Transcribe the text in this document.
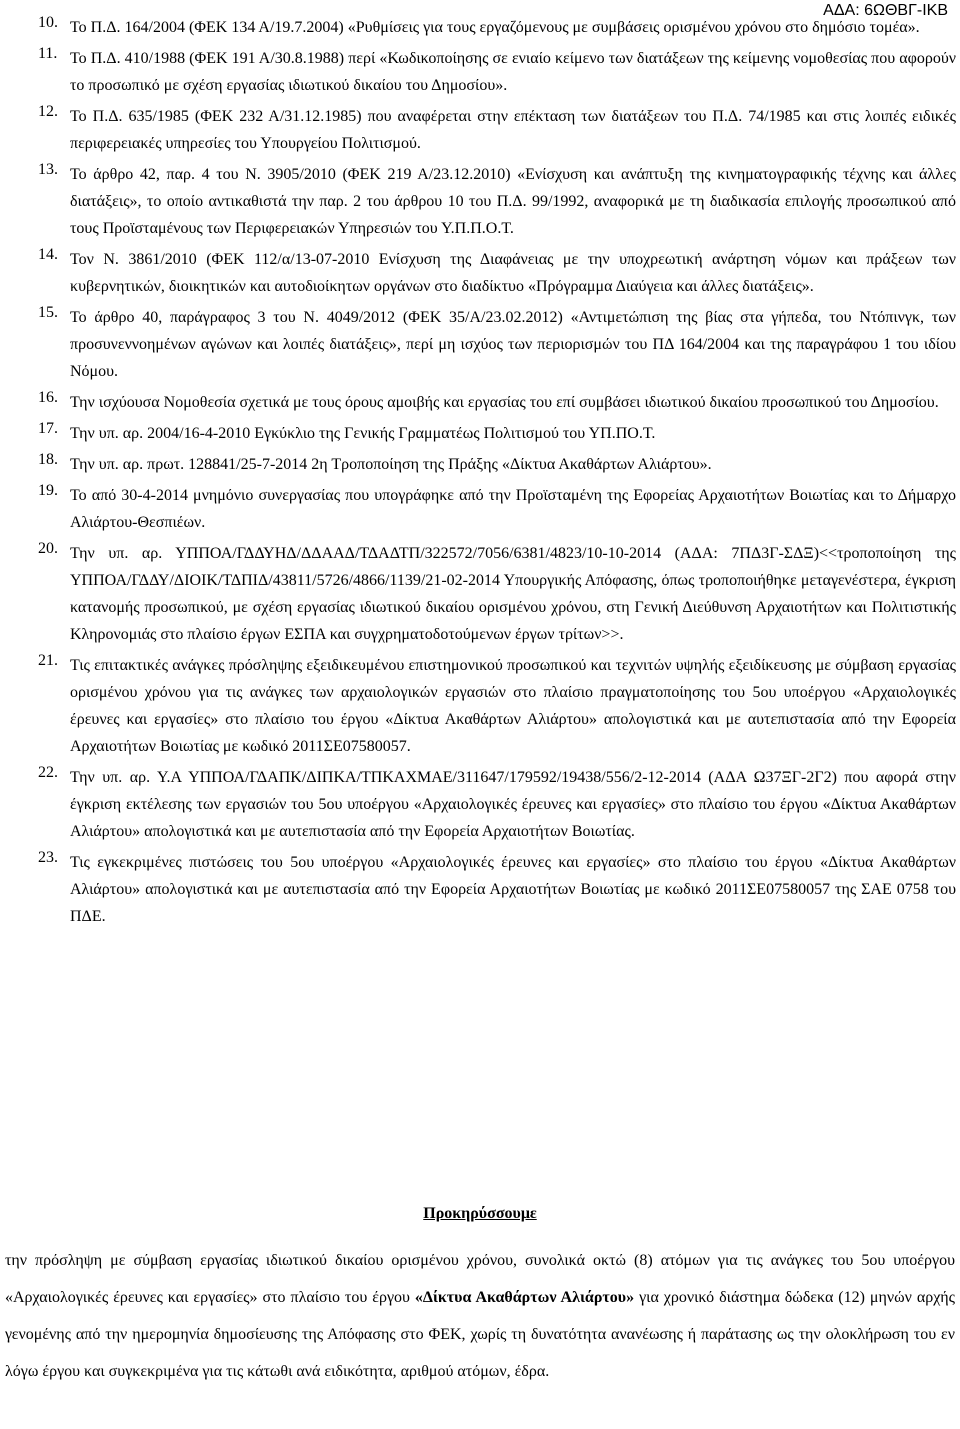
ΑΔΑ: 6ΩΘΒΓ-ΙΚΒ
10. Το Π.Δ. 164/2004 (ΦΕΚ 134 Α/19.7.2004) «Ρυθμίσεις για τους εργαζόμενους με συμβάσεις ορισμένου χρόνου στο δημόσιο τομέα».
11. Το Π.Δ. 410/1988 (ΦΕΚ 191 Α/30.8.1988) περί «Κωδικοποίησης σε ενιαίο κείμενο των διατάξεων της κείμενης νομοθεσίας που αφορούν το προσωπικό με σχέση εργασίας ιδιωτικού δικαίου του Δημοσίου».
12. Το Π.Δ. 635/1985 (ΦΕΚ 232 Α/31.12.1985) που αναφέρεται στην επέκταση των διατάξεων του Π.Δ. 74/1985 και στις λοιπές ειδικές περιφερειακές υπηρεσίες του Υπουργείου Πολιτισμού.
13. Το άρθρο 42, παρ. 4 του Ν. 3905/2010 (ΦΕΚ 219 Α/23.12.2010) «Ενίσχυση και ανάπτυξη της κινηματογραφικής τέχνης και άλλες διατάξεις», το οποίο αντικαθιστά την παρ. 2 του άρθρου 10 του Π.Δ. 99/1992, αναφορικά με τη διαδικασία επιλογής προσωπικού από τους Προϊσταμένους των Περιφερειακών Υπηρεσιών του Υ.Π.Π.Ο.Τ.
14. Τον Ν. 3861/2010 (ΦΕΚ 112/α/13-07-2010 Ενίσχυση της Διαφάνειας με την υποχρεωτική ανάρτηση νόμων και πράξεων των κυβερνητικών, διοικητικών και αυτοδιοίκητων οργάνων στο διαδίκτυο «Πρόγραμμα Διαύγεια και άλλες διατάξεις».
15. Το άρθρο 40, παράγραφος 3 του Ν. 4049/2012 (ΦΕΚ 35/Α/23.02.2012) «Αντιμετώπιση της βίας στα γήπεδα, του Ντόπινγκ, των προσυνεννοημένων αγώνων και λοιπές διατάξεις», περί μη ισχύος των περιορισμών του ΠΔ 164/2004 και της παραγράφου 1 του ιδίου Νόμου.
16. Την ισχύουσα Νομοθεσία σχετικά με τους όρους αμοιβής και εργασίας του επί συμβάσει ιδιωτικού δικαίου προσωπικού του Δημοσίου.
17. Την υπ. αρ. 2004/16-4-2010 Εγκύκλιο της Γενικής Γραμματέως Πολιτισμού του ΥΠ.ΠΟ.Τ.
18. Την υπ. αρ. πρωτ. 128841/25-7-2014 2η Τροποποίηση της Πράξης «Δίκτυα Ακαθάρτων Αλιάρτου».
19. Το από 30-4-2014 μνημόνιο συνεργασίας που υπογράφηκε από την Προϊσταμένη της Εφορείας Αρχαιοτήτων Βοιωτίας και το Δήμαρχο Αλιάρτου-Θεσπιέων.
20. Την υπ. αρ. ΥΠΠΟΑ/ΓΔΔΥΗΔ/ΔΔΑΑΔ/ΤΔΑΔΤΠ/322572/7056/6381/4823/10-10-2014 (ΑΔΑ: 7ΠΔ3Γ-ΣΔΞ)<<τροποποίηση της ΥΠΠΟΑ/ΓΔΔΥ/ΔΙΟΙΚ/ΤΔΠΙΔ/43811/5726/4866/1139/21-02-2014 Υπουργικής Απόφασης, όπως τροποποιήθηκε μεταγενέστερα, έγκριση κατανομής προσωπικού, με σχέση εργασίας ιδιωτικού δικαίου ορισμένου χρόνου, στη Γενική Διεύθυνση Αρχαιοτήτων και Πολιτιστικής Κληρονομιάς στο πλαίσιο έργων ΕΣΠΑ και συγχρηματοδοτούμενων έργων τρίτων>>.
21. Τις επιτακτικές ανάγκες πρόσληψης εξειδικευμένου επιστημονικού προσωπικού και τεχνιτών υψηλής εξειδίκευσης με σύμβαση εργασίας ορισμένου χρόνου για τις ανάγκες των αρχαιολογικών εργασιών στο πλαίσιο πραγματοποίησης του 5ου υποέργου «Αρχαιολογικές έρευνες και εργασίες» στο πλαίσιο του έργου «Δίκτυα Ακαθάρτων Αλιάρτου» απολογιστικά και με αυτεπιστασία από την Εφορεία Αρχαιοτήτων Βοιωτίας με κωδικό 2011ΣΕ07580057.
22. Την υπ. αρ. Υ.Α ΥΠΠΟΑ/ΓΔΑΠΚ/ΔΙΠΚΑ/ΤΠΚΑΧΜΑΕ/311647/179592/19438/556/2-12-2014 (ΑΔΑ Ω37ΞΓ-2Γ2) που αφορά στην έγκριση εκτέλεσης των εργασιών του 5ου υποέργου «Αρχαιολογικές έρευνες και εργασίες» στο πλαίσιο του έργου «Δίκτυα Ακαθάρτων Αλιάρτου» απολογιστικά και με αυτεπιστασία από την Εφορεία Αρχαιοτήτων Βοιωτίας.
23. Τις εγκεκριμένες πιστώσεις του 5ου υποέργου «Αρχαιολογικές έρευνες και εργασίες» στο πλαίσιο του έργου «Δίκτυα Ακαθάρτων Αλιάρτου» απολογιστικά και με αυτεπιστασία από την Εφορεία Αρχαιοτήτων Βοιωτίας με κωδικό 2011ΣΕ07580057 της ΣΑΕ 0758 του ΠΔΕ.
Προκηρύσσουμε
την πρόσληψη με σύμβαση εργασίας ιδιωτικού δικαίου ορισμένου χρόνου, συνολικά οκτώ (8) ατόμων για τις ανάγκες του 5ου υποέργου «Αρχαιολογικές έρευνες και εργασίες» στο πλαίσιο του έργου «Δίκτυα Ακαθάρτων Αλιάρτου» για χρονικό διάστημα δώδεκα (12) μηνών αρχής γενομένης από την ημερομηνία δημοσίευσης της Απόφασης στο ΦΕΚ, χωρίς τη δυνατότητα ανανέωσης ή παράτασης ως την ολοκλήρωση του εν λόγω έργου και συγκεκριμένα για τις κάτωθι ανά ειδικότητα, αριθμού ατόμων, έδρα.
